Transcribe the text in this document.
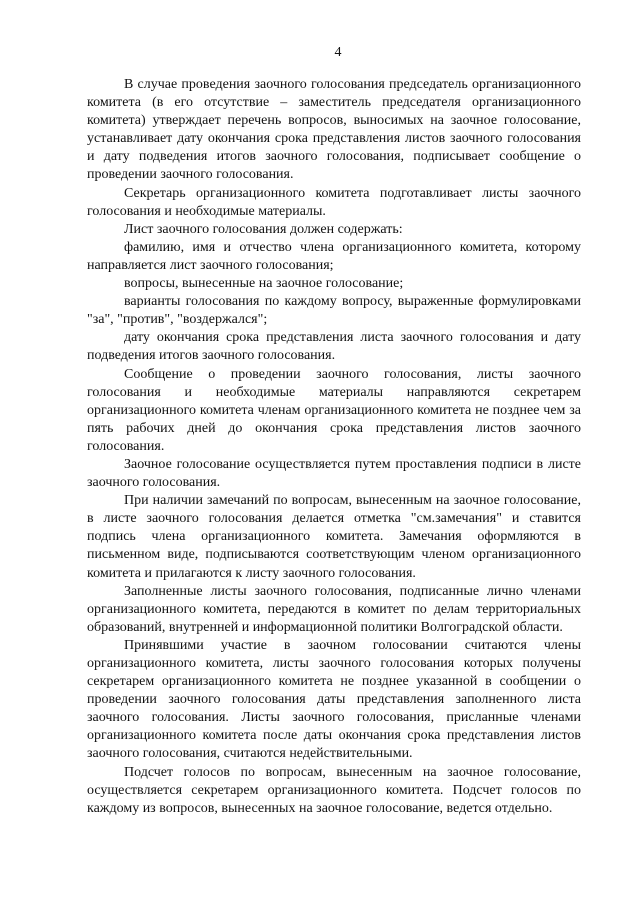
4

В случае проведения заочного голосования председатель организационного комитета (в его отсутствие – заместитель председателя организационного комитета) утверждает перечень вопросов, выносимых на заочное голосование, устанавливает дату окончания срока представления листов заочного голосования и дату подведения итогов заочного голосования, подписывает сообщение о проведении заочного голосования.

Секретарь организационного комитета подготавливает листы заочного голосования и необходимые материалы.

Лист заочного голосования должен содержать:

фамилию, имя и отчество члена организационного комитета, которому направляется лист заочного голосования;

вопросы, вынесенные на заочное голосование;

варианты голосования по каждому вопросу, выраженные формулировками "за", "против", "воздержался";

дату окончания срока представления листа заочного голосования и дату подведения итогов заочного голосования.

Сообщение о проведении заочного голосования, листы заочного голосования и необходимые материалы направляются секретарем организационного комитета членам организационного комитета не позднее чем за пять рабочих дней до окончания срока представления листов заочного голосования.

Заочное голосование осуществляется путем проставления подписи в листе заочного голосования.

При наличии замечаний по вопросам, вынесенным на заочное голосование, в листе заочного голосования делается отметка "см.замечания" и ставится подпись члена организационного комитета. Замечания оформляются в письменном виде, подписываются соответствующим членом организационного комитета и прилагаются к листу заочного голосования.

Заполненные листы заочного голосования, подписанные лично членами организационного комитета, передаются в комитет по делам территориальных образований, внутренней и информационной политики Волгоградской области.

Принявшими участие в заочном голосовании считаются члены организационного комитета, листы заочного голосования которых получены секретарем организационного комитета не позднее указанной в сообщении о проведении заочного голосования даты представления заполненного листа заочного голосования. Листы заочного голосования, присланные членами организационного комитета после даты окончания срока представления листов заочного голосования, считаются недействительными.

Подсчет голосов по вопросам, вынесенным на заочное голосование, осуществляется секретарем организационного комитета. Подсчет голосов по каждому из вопросов, вынесенных на заочное голосование, ведется отдельно.
